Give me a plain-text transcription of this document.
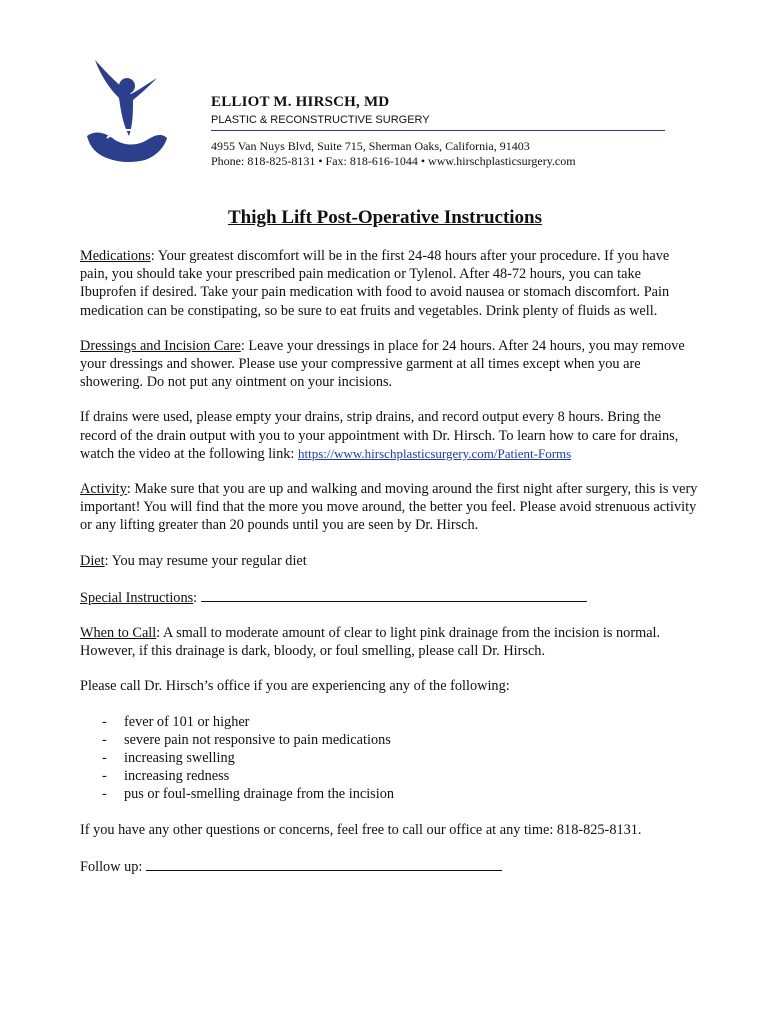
ELLIOT M. HIRSCH, MD
PLASTIC & RECONSTRUCTIVE SURGERY
4955 Van Nuys Blvd, Suite 715, Sherman Oaks, California, 91403
Phone: 818-825-8131 • Fax: 818-616-1044 • www.hirschplasticsurgery.com
Thigh Lift Post-Operative Instructions

Medications: Your greatest discomfort will be in the first 24-48 hours after your procedure. If you have pain, you should take your prescribed pain medication or Tylenol. After 48-72 hours, you can take Ibuprofen if desired. Take your pain medication with food to avoid nausea or stomach discomfort. Pain medication can be constipating, so be sure to eat fruits and vegetables. Drink plenty of fluids as well.

Dressings and Incision Care: Leave your dressings in place for 24 hours. After 24 hours, you may remove your dressings and shower. Please use your compressive garment at all times except when you are showering. Do not put any ointment on your incisions.

If drains were used, please empty your drains, strip drains, and record output every 8 hours. Bring the record of the drain output with you to your appointment with Dr. Hirsch. To learn how to care for drains, watch the video at the following link: https://www.hirschplasticsurgery.com/Patient-Forms

Activity: Make sure that you are up and walking and moving around the first night after surgery, this is very important! You will find that the more you move around, the better you feel. Please avoid strenuous activity or any lifting greater than 20 pounds until you are seen by Dr. Hirsch.

Diet: You may resume your regular diet

Special Instructions:

When to Call: A small to moderate amount of clear to light pink drainage from the incision is normal. However, if this drainage is dark, bloody, or foul smelling, please call Dr. Hirsch.

Please call Dr. Hirsch’s office if you are experiencing any of the following:

-	fever of 101 or higher
-	severe pain not responsive to pain medications
-	increasing swelling
-	increasing redness
-	pus or foul-smelling drainage from the incision

If you have any other questions or concerns, feel free to call our office at any time: 818-825-8131.

Follow up:
